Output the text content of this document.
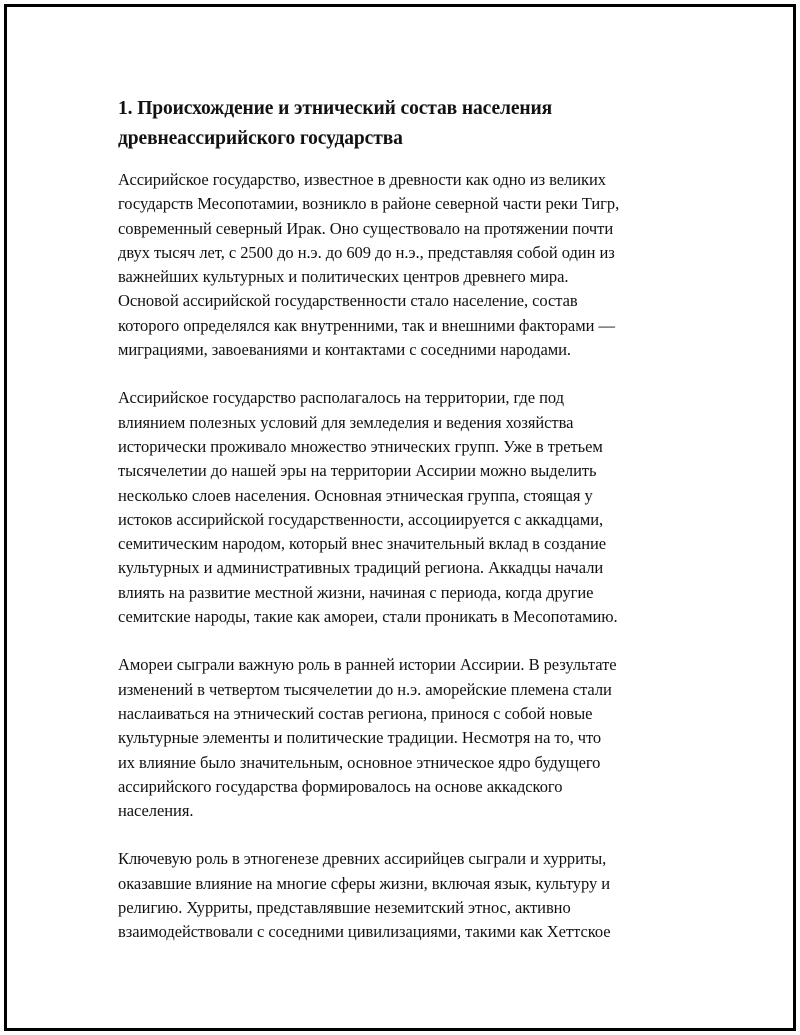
1. Происхождение и этнический состав населения
древнеассирийского государства

Ассирийское государство, известное в древности как одно из великих
государств Месопотамии, возникло в районе северной части реки Тигр,
современный северный Ирак. Оно существовало на протяжении почти
двух тысяч лет, с 2500 до н.э. до 609 до н.э., представляя собой один из
важнейших культурных и политических центров древнего мира.
Основой ассирийской государственности стало население, состав
которого определялся как внутренними, так и внешними факторами —
миграциями, завоеваниями и контактами с соседними народами.

Ассирийское государство располагалось на территории, где под
влиянием полезных условий для земледелия и ведения хозяйства
исторически проживало множество этнических групп. Уже в третьем
тысячелетии до нашей эры на территории Ассирии можно выделить
несколько слоев населения. Основная этническая группа, стоящая у
истоков ассирийской государственности, ассоциируется с аккадцами,
семитическим народом, который внес значительный вклад в создание
культурных и административных традиций региона. Аккадцы начали
влиять на развитие местной жизни, начиная с периода, когда другие
семитские народы, такие как амореи, стали проникать в Месопотамию.

Амореи сыграли важную роль в ранней истории Ассирии. В результате
изменений в четвертом тысячелетии до н.э. аморейские племена стали
наслаиваться на этнический состав региона, принося с собой новые
культурные элементы и политические традиции. Несмотря на то, что
их влияние было значительным, основное этническое ядро будущего
ассирийского государства формировалось на основе аккадского
населения.

Ключевую роль в этногенезе древних ассирийцев сыграли и хурриты,
оказавшие влияние на многие сферы жизни, включая язык, культуру и
религию. Хурриты, представлявшие неземитский этнос, активно
взаимодействовали с соседними цивилизациями, такими как Хеттское
